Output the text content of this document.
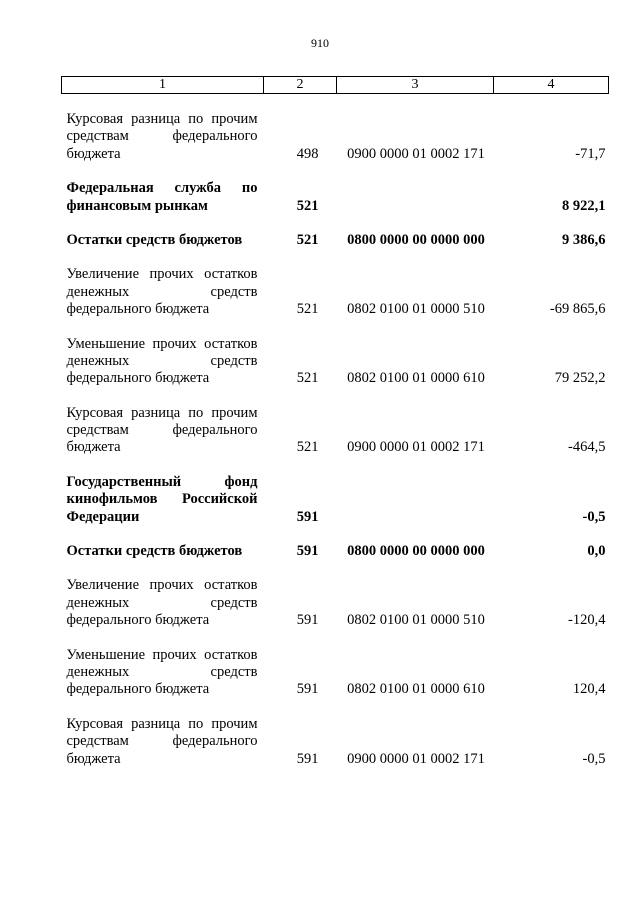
910
1	2	3	4
Курсовая разница по прочим средствам федерального бюджета	498	0900 0000 01 0002 171	-71,7
Федеральная служба по финансовым рынкам	521		8 922,1
Остатки средств бюджетов	521	0800 0000 00 0000 000	9 386,6
Увеличение прочих остатков денежных средств федерального бюджета	521	0802 0100 01 0000 510	-69 865,6
Уменьшение прочих остатков денежных средств федерального бюджета	521	0802 0100 01 0000 610	79 252,2
Курсовая разница по прочим средствам федерального бюджета	521	0900 0000 01 0002 171	-464,5
Государственный фонд кинофильмов Российской Федерации	591		-0,5
Остатки средств бюджетов	591	0800 0000 00 0000 000	0,0
Увеличение прочих остатков денежных средств федерального бюджета	591	0802 0100 01 0000 510	-120,4
Уменьшение прочих остатков денежных средств федерального бюджета	591	0802 0100 01 0000 610	120,4
Курсовая разница по прочим средствам федерального бюджета	591	0900 0000 01 0002 171	-0,5
